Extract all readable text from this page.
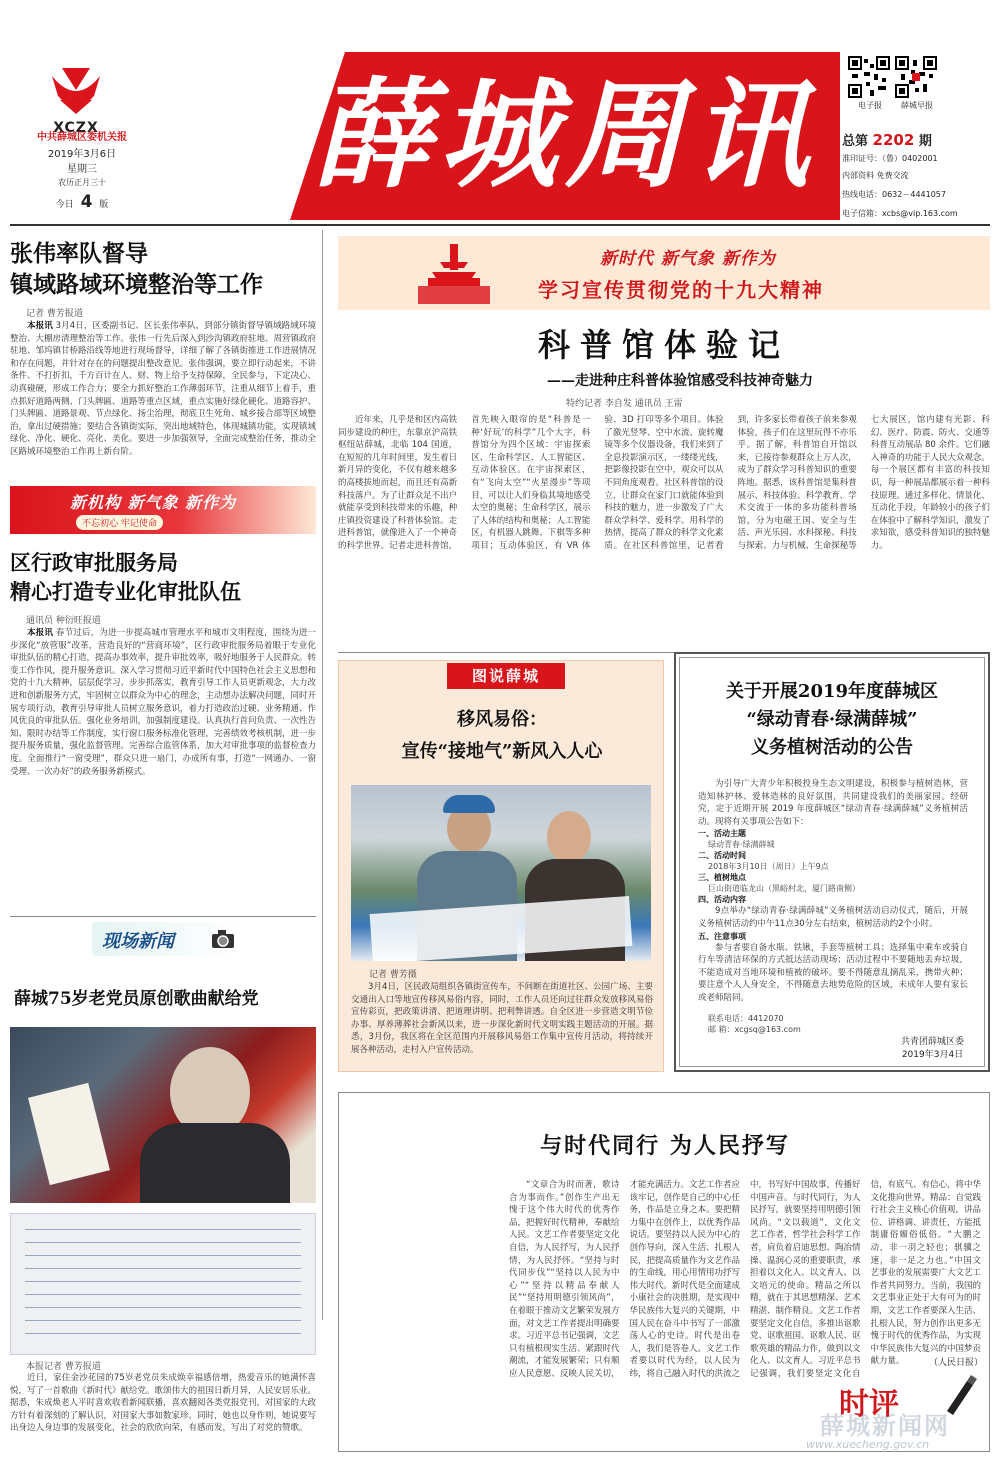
XCZX
中共薛城区委机关报
2019年3月6日
星期三
农历正月三十
今日 4 版
薛城周讯	电子报	薛城早报
总第 2202 期
准印证号：（鲁）0402001
内部资料 免费交流
热线电话：0632－4441057
电子信箱：xcbs@vip.163.com
张伟率队督导
镇域路域环境整治等工作
记者 曹芳报道

本报讯 3月4日，区委副书记、区长张伟率队，到部分镇街督导镇域路域环境整治、大棚房清理整治等工作。张伟一行先后深入到沙沟镇政府驻地、周营镇政府驻地、邹坞镇甘桥路沿线等地进行现场督导，详细了解了各镇街推进工作进展情况和存在问题，并针对存在的问题提出整改意见。张伟强调，要立即行动起来，不讲条件、不打折扣，千方百计在人、财、物上给予支持保障，全民参与，下定决心、动真碰硬，形成工作合力；要全力抓好整治工作薄弱环节，注重从细节上着手，重点抓好道路两侧、门头牌匾、道路等重点区域，重点实施好绿化硬化、道路容护、门头牌匾、道路景观、节点绿化、扬尘治理，彻底卫生死角、城乡接合部等区域整治，拿出过硬措施；要结合各镇街实际，突出地域特色，体现城镇功能，实现镇域绿化、净化、硬化、亮化、美化。要进一步加强领导，全面完成整治任务，推动全区路域环境整治工作再上新台阶。

新机构 新气象 新作为
不忘初心 牢记使命
区行政审批服务局
精心打造专业化审批队伍
通讯员 种衍旺报道

本报讯 春节过后，为进一步提高城市管理水平和城市文明程度，围绕为进一步深化“放管服”改革，营造良好的“营商环境”，区行政审批服务局着眼于专业化审批队伍的精心打造，提高办事效率，提升审批效率，吸好地服务于人民群众。转变工作作风，提升服务意识。深入学习贯彻习近平新时代中国特色社会主义思想和党的十九大精神，层层促学习、步步抓落实，教育引导工作人员更新观念，大力改进和创新服务方式，牢固树立以群众为中心的理念，主动想办法解决问题，同时开展专项行动，教育引导审批人员树立服务意识，着力打造政治过硬、业务精通、作风优良的审批队伍。强化业务培训，加强制度建设。认真执行首问负责、一次性告知、限时办结等工作制度，实行窗口服务标准化管理，完善绩效考核机制，进一步提升服务质量，强化监督管理。完善综合监管体系，加大对审批事项的监督检查力度。全面推行“一窗受理”，群众只进一扇门，办成所有事，打造“一网通办、一窗受理、一次办好”的政务服务新模式。

现场新闻
薛城75岁老党员原创歌曲献给党
本报记者 曹芳报道

近日，家住金沙花园的75岁老党员朱成焕幸福感倍增，热爱音乐的她满怀喜悦，写了一首歌曲《新时代》献给党。歌颂伟大的祖国日新月异，人民安居乐业。据悉，朱成焕老人平时喜欢收看新闻联播，喜欢翻阅各类党报党刊，对国家的大政方针有着深刻的了解认识，对国家大事如数家珍。同时，她也以身作则，她说要写出身边人身边事的发展变化，社会的欣欣向荣，有感而发，写出了对党的赞歌。

新时代 新气象 新作为
学习宣传贯彻党的十九大精神
科普馆体验记
——走进种庄科普体验馆感受科技神奇魅力
特约记者 李自发 通讯员 王雷

近年来，几乎是和区内高铁同步建设的种庄，东靠京沪高铁枢纽站薛城，北临 104 国道，在短短的几年时间里，发生着日新月异的变化，不仅有越来越多的高楼拔地而起，而且还有高新科技落户。为了让群众足不出户就能享受到科技带来的乐趣，种庄镇投资建设了科普体验馆。走进科普馆，就像进入了一个神奇的科学世界。记者走进科普馆，首先映入眼帘的是“科普是一种‘好玩’的科学”几个大字，科普馆分为四个区域：宇宙探索区、生命科学区、人工智能区、互动体验区。在宇宙探索区，有“飞向太空”“火星漫步”等项目，可以让人们身临其境地感受太空的奥秘；生命科学区，展示了人体的结构和奥秘；人工智能区，有机器人跳舞、下棋等多种项目；互动体验区，有 VR 体验、3D 打印等多个项目。体验了激光竖琴、空中水流、旋转魔镜等多个仪器设备，我们来到了全息投影演示区，一缕缕光线，把影像投影在空中，观众可以从不同角度观看。社区科普馆的设立，让群众在家门口就能体验到科技的魅力，进一步激发了广大群众学科学、爱科学、用科学的热情，提高了群众的科学文化素质。在社区科普馆里，记者看到，许多家长带着孩子前来参观体验，孩子们在这里玩得不亦乐乎。据了解，科普馆自开馆以来，已接待参观群众上万人次，成为了群众学习科普知识的重要阵地。据悉，该科普馆是集科普展示、科技体验、科学教育、学术交流于一体的多功能科普场馆，分为电磁王国、安全与生活、声光乐园、水科探秘、科技与探索、力与机械、生命探秘等七大展区，馆内建有光影、科幻、医疗、防震、防火、交通等科普互动展品 80 余件。它们融入神奇的功能于人民大众观念。每一个展区都有丰富的科技知识，每一种展品都展示着一种科技原理。通过多样化、情景化、互动化手段，年龄较小的孩子们在体验中了解科学知识，激发了求知欲，感受科普知识的独特魅力。

图说薛城
移风易俗：
宣传“接地气”新风入人心
记者 曹芳摄

3月4日，区民政局组织各镇街宣传车，不间断在街道社区、公园广场、主要交通出入口等地宣传移风易俗内容，同时，工作人员还向过往群众发放移风易俗宣传彩页，把政策讲清、把道理讲明、把利弊讲透。自全区进一步营造文明节俭办事、厚养薄葬社会新风以来，进一步深化新时代文明实践主题活动的开展。据悉，3月份，我区将在全区范围内开展移风易俗工作集中宣传月活动，将持续开展各种活动，走村入户宣传活动。

关于开展2019年度薛城区
“绿动青春·绿满薛城”
义务植树活动的公告

为引导广大青少年积极投身生态文明建设，积极参与植树造林，营造知林护林、爱林造林的良好氛围，共同建设我们的美丽家园。经研究，定于近期开展 2019 年度薛城区“绿动青春·绿满薛城”义务植树活动。现将有关事项公告如下：

一、活动主题
绿动青春·绿满薛城
二、活动时间
2018年3月10日（周日）上午9点
三、植树地点
巨山街道临龙山（黑峪村北，厦门路南侧）
四、活动内容

9点举办“绿动青春·绿满薛城”义务植树活动启动仪式，随后，开展义务植树活动约中午11点30分左右结束，植树活动约2个小时。

五、注意事项

参与者要自备水瓶、铁锹，手套等植树工具；选择集中乘车或骑自行车等清洁环保的方式抵达活动现场；活动过程中不要随地丢弃垃圾，不能造成对当地环境和植被的破坏。要不得随意乱摘乱采，携带火种；要注意个人人身安全，不得随意去地势危险的区域，未成年人要有家长或老师陪同。

联系电话：4412070
邮 箱：xcgsq@163.com
共青团薛城区委
2019年3月4日
与时代同行 为人民抒写

“文章合为时而著，歌诗合为事而作。”创作生产出无愧于这个伟大时代的优秀作品，把握好时代精神，奉献给人民。文艺工作者要坚定文化自信，为人民抒写，为人民抒情，为人民抒怀。“坚持与时代同步伐”“坚持以人民为中心”“坚持以精品奉献人民”“坚持用明德引领风尚”，在着眼于推动文艺繁荣发展方面，对文艺工作者提出明确要求。习近平总书记强调，文艺只有植根现实生活、紧跟时代潮流，才能发展繁荣；只有顺应人民意愿、反映人民关切，才能充满活力。文艺工作者应该牢记，创作是自己的中心任务，作品是立身之本。要把精力集中在创作上，以优秀作品说话。要坚持以人民为中心的创作导向，深入生活、扎根人民，把提高质量作为文艺作品的生命线，用心用情用功抒写伟大时代。新时代是全面建成小康社会的决胜期，是实现中华民族伟大复兴的关键期，中国人民在奋斗中书写了一部激荡人心的史诗。时代是出卷人，我们是答卷人。文艺工作者要以时代为经，以人民为纬，将自己融入时代的洪流之中，书写好中国故事，传播好中国声音。与时代同行，为人民抒写，就要坚持用明德引领风尚。“文以载道”，文化文艺工作者，哲学社会科学工作者，肩负着启迪思想、陶冶情操、温润心灵的重要职责，承担着以文化人、以文育人、以文培元的使命。精品之所以精，就在于其思想精深、艺术精湛、制作精良。文艺工作者要坚定文化自信，多推出讴歌党、讴歌祖国、讴歌人民、讴歌英雄的精品力作，做到以文化人、以文育人。习近平总书记强调，我们要坚定文化自信，有底气、有信心，将中华文化推向世界。精品：自觉践行社会主义核心价值观，讲品位、讲格调、讲责任，方能抵制庸俗媚俗低俗。“大鹏之动，非一羽之轻也；骐骥之速，非一足之力也。”中国文艺事业的发展需要广大文艺工作者共同努力。当前，我国的文艺事业正处于大有可为的时期，文艺工作者要深入生活、扎根人民，努力创作出更多无愧于时代的优秀作品，为实现中华民族伟大复兴的中国梦贡献力量。	（人民日报）
时评
薛城新闻网
www.xuecheng.gov.cn
